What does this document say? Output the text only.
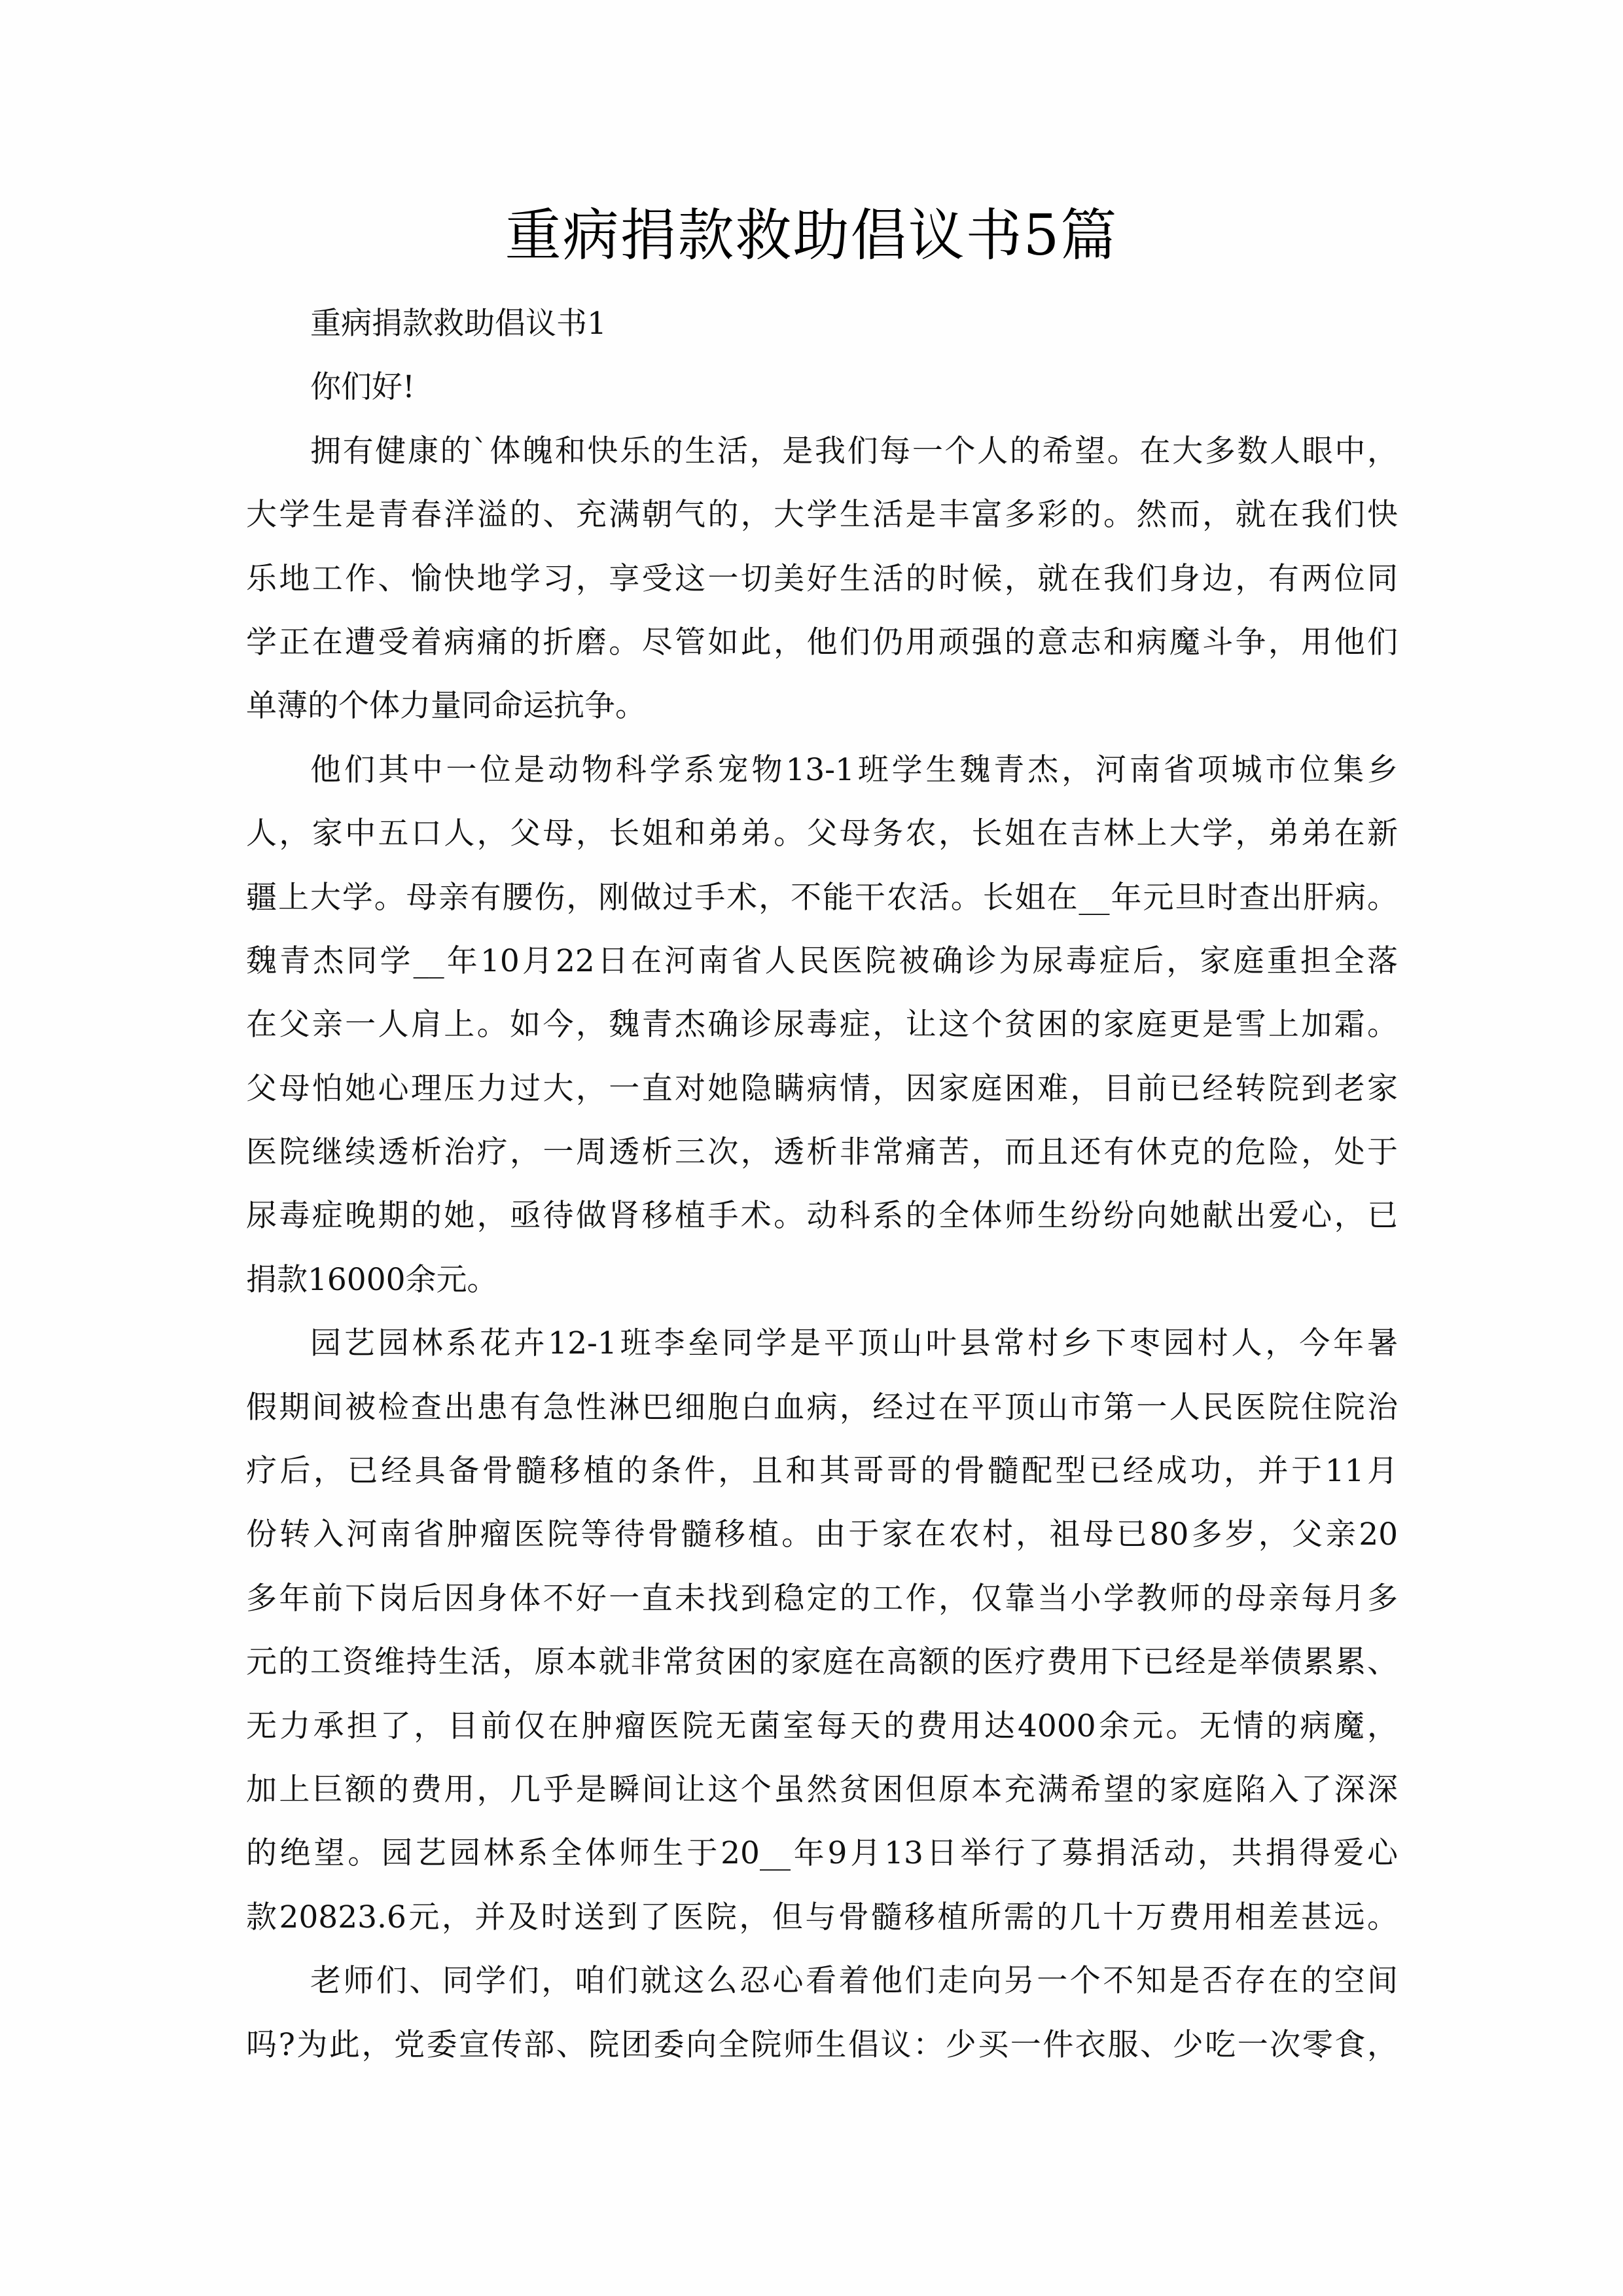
重病捐款救助倡议书5篇
重病捐款救助倡议书1
你们好!
拥有健康的`体魄和快乐的生活，是我们每一个人的希望。在大多数人眼中，
大学生是青春洋溢的、充满朝气的，大学生活是丰富多彩的。然而，就在我们快
乐地工作、愉快地学习，享受这一切美好生活的时候，就在我们身边，有两位同
学正在遭受着病痛的折磨。尽管如此，他们仍用顽强的意志和病魔斗争，用他们
单薄的个体力量同命运抗争。
他们其中一位是动物科学系宠物13-1班学生魏青杰，河南省项城市位集乡
人，家中五口人，父母，长姐和弟弟。父母务农，长姐在吉林上大学，弟弟在新
疆上大学。母亲有腰伤，刚做过手术，不能干农活。长姐在__年元旦时查出肝病。
魏青杰同学__年10月22日在河南省人民医院被确诊为尿毒症后，家庭重担全落
在父亲一人肩上。如今，魏青杰确诊尿毒症，让这个贫困的家庭更是雪上加霜。
父母怕她心理压力过大，一直对她隐瞒病情，因家庭困难，目前已经转院到老家
医院继续透析治疗，一周透析三次，透析非常痛苦，而且还有休克的危险，处于
尿毒症晚期的她，亟待做肾移植手术。动科系的全体师生纷纷向她献出爱心，已
捐款16000余元。
园艺园林系花卉12-1班李垒同学是平顶山叶县常村乡下枣园村人，今年暑
假期间被检查出患有急性淋巴细胞白血病，经过在平顶山市第一人民医院住院治
疗后，已经具备骨髓移植的条件，且和其哥哥的骨髓配型已经成功，并于11月
份转入河南省肿瘤医院等待骨髓移植。由于家在农村，祖母已80多岁，父亲20
多年前下岗后因身体不好一直未找到稳定的工作，仅靠当小学教师的母亲每月多
元的工资维持生活，原本就非常贫困的家庭在高额的医疗费用下已经是举债累累、
无力承担了，目前仅在肿瘤医院无菌室每天的费用达4000余元。无情的病魔，
加上巨额的费用，几乎是瞬间让这个虽然贫困但原本充满希望的家庭陷入了深深
的绝望。园艺园林系全体师生于20__年9月13日举行了募捐活动，共捐得爱心
款20823.6元，并及时送到了医院，但与骨髓移植所需的几十万费用相差甚远。
老师们、同学们，咱们就这么忍心看着他们走向另一个不知是否存在的空间
吗?为此，党委宣传部、院团委向全院师生倡议：少买一件衣服、少吃一次零食，
